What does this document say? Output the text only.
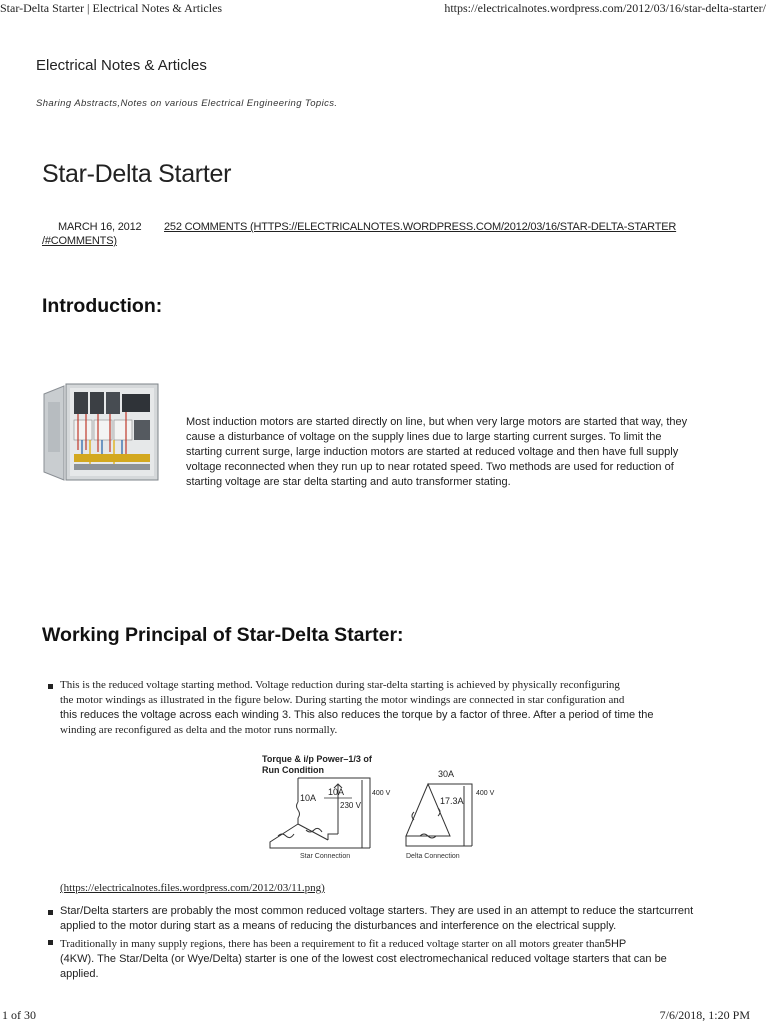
Star-Delta Starter | Electrical Notes & Articles	https://electricalnotes.wordpress.com/2012/03/16/star-delta-starter/
Electrical Notes & Articles
Sharing Abstracts,Notes on various Electrical Engineering Topics.
Star-Delta Starter
MARCH 16, 2012 252 COMMENTS (HTTPS://ELECTRICALNOTES.WORDPRESS.COM/2012/03/16/STAR-DELTA-STARTER
/#COMMENTS)
Introduction:
Most induction motors are started directly on line, but when very large motors are started that way, they
cause a disturbance of voltage on the supply lines due to large starting current surges. To limit the
starting current surge, large induction motors are started at reduced voltage and then have full supply
voltage reconnected when they run up to near rotated speed. Two methods are used for reduction of
starting voltage are star delta starting and auto transformer stating.
Working Principal of Star-Delta Starter:
This is the reduced voltage starting method. Voltage reduction during star-delta starting is achieved by physically reconfiguring
the motor windings as illustrated in the figure below. During starting the motor windings are connected in star configuration and
this reduces the voltage across each winding 3. This also reduces the torque by a factor of three. After a period of time the
winding are reconfigured as delta and the motor runs normally.
Torque & i/p Power–1/3 of
Run Condition
10A
10A
230 V
400 V
Star Connection
30A
17.3A
400 V
Delta Connection
(https://electricalnotes.files.wordpress.com/2012/03/11.png)
Star/Delta starters are probably the most common reduced voltage starters. They are used in an attempt to reduce the startcurrent
applied to the motor during start as a means of reducing the disturbances and interference on the electrical supply.
Traditionally in many supply regions, there has been a requirement to fit a reduced voltage starter on all motors greater than5HP
(4KW). The Star/Delta (or Wye/Delta) starter is one of the lowest cost electromechanical reduced voltage starters that can be
applied.
1 of 30	7/6/2018, 1:20 PM
